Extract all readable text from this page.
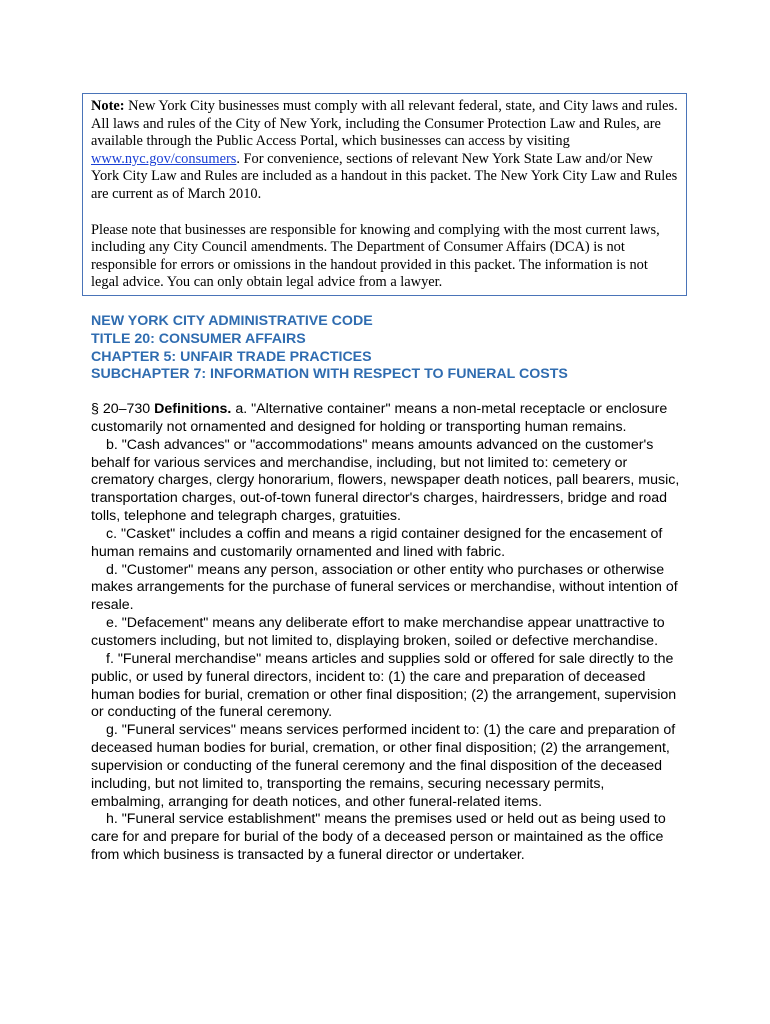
Note: New York City businesses must comply with all relevant federal, state, and City laws and rules. All laws and rules of the City of New York, including the Consumer Protection Law and Rules, are available through the Public Access Portal, which businesses can access by visiting www.nyc.gov/consumers. For convenience, sections of relevant New York State Law and/or New York City Law and Rules are included as a handout in this packet. The New York City Law and Rules are current as of March 2010.

Please note that businesses are responsible for knowing and complying with the most current laws, including any City Council amendments. The Department of Consumer Affairs (DCA) is not responsible for errors or omissions in the handout provided in this packet. The information is not legal advice. You can only obtain legal advice from a lawyer.

NEW YORK CITY ADMINISTRATIVE CODE
TITLE 20: CONSUMER AFFAIRS
CHAPTER 5: UNFAIR TRADE PRACTICES
SUBCHAPTER 7: INFORMATION WITH RESPECT TO FUNERAL COSTS

§ 20–730 Definitions. a. "Alternative container" means a non-metal receptacle or enclosure customarily not ornamented and designed for holding or transporting human remains.

b. "Cash advances" or "accommodations" means amounts advanced on the customer's behalf for various services and merchandise, including, but not limited to: cemetery or crematory charges, clergy honorarium, flowers, newspaper death notices, pall bearers, music, transportation charges, out-of-town funeral director's charges, hairdressers, bridge and road tolls, telephone and telegraph charges, gratuities.

c. "Casket" includes a coffin and means a rigid container designed for the encasement of human remains and customarily ornamented and lined with fabric.

d. "Customer" means any person, association or other entity who purchases or otherwise makes arrangements for the purchase of funeral services or merchandise, without intention of resale.

e. "Defacement" means any deliberate effort to make merchandise appear unattractive to customers including, but not limited to, displaying broken, soiled or defective merchandise.

f. "Funeral merchandise" means articles and supplies sold or offered for sale directly to the public, or used by funeral directors, incident to: (1) the care and preparation of deceased human bodies for burial, cremation or other final disposition; (2) the arrangement, supervision or conducting of the funeral ceremony.

g. "Funeral services" means services performed incident to: (1) the care and preparation of deceased human bodies for burial, cremation, or other final disposition; (2) the arrangement, supervision or conducting of the funeral ceremony and the final disposition of the deceased including, but not limited to, transporting the remains, securing necessary permits, embalming, arranging for death notices, and other funeral-related items.

h. "Funeral service establishment" means the premises used or held out as being used to care for and prepare for burial of the body of a deceased person or maintained as the office from which business is transacted by a funeral director or undertaker.
